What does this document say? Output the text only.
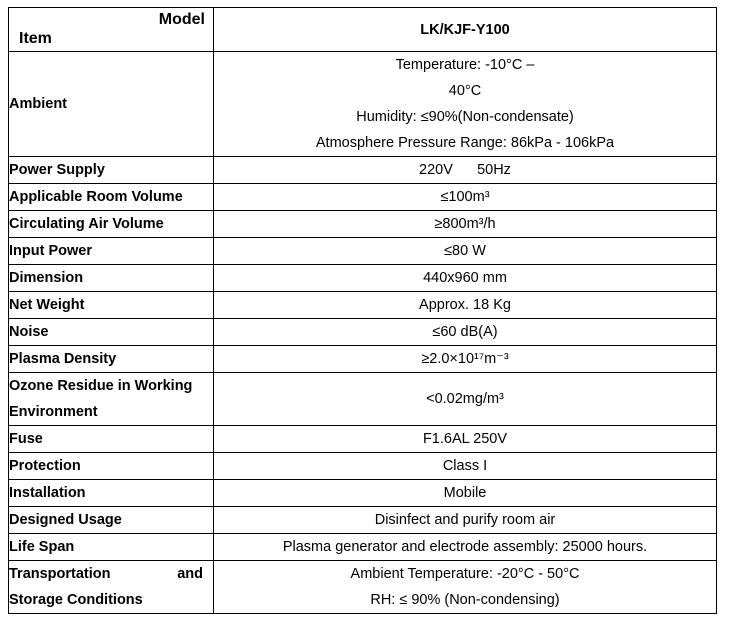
Model
Item	LK/KJF-Y100
Ambient	Temperature: -10°C –
40°C
Humidity: ≤90%(Non-condensate)
Atmosphere Pressure Range: 86kPa - 106kPa

Power Supply	220V      50Hz
Applicable Room Volume	≤100m³
Circulating Air Volume	≥800m³/h
Input Power	≤80 W
Dimension	440x960 mm
Net Weight	Approx. 18 Kg
Noise	≤60 dB(A)
Plasma Density	≥2.0×10¹⁷m⁻³

Ozone Residue in Working
Environment	<0.02mg/m³
Fuse	F1.6AL 250V
Protection	Class I
Installation	Mobile
Designed Usage	Disinfect and purify room air
Life Span	Plasma generator and electrode assembly: 25000 hours.

Transportation and
Storage Conditions	Ambient Temperature: -20°C - 50°C
RH: ≤ 90% (Non-condensing)
